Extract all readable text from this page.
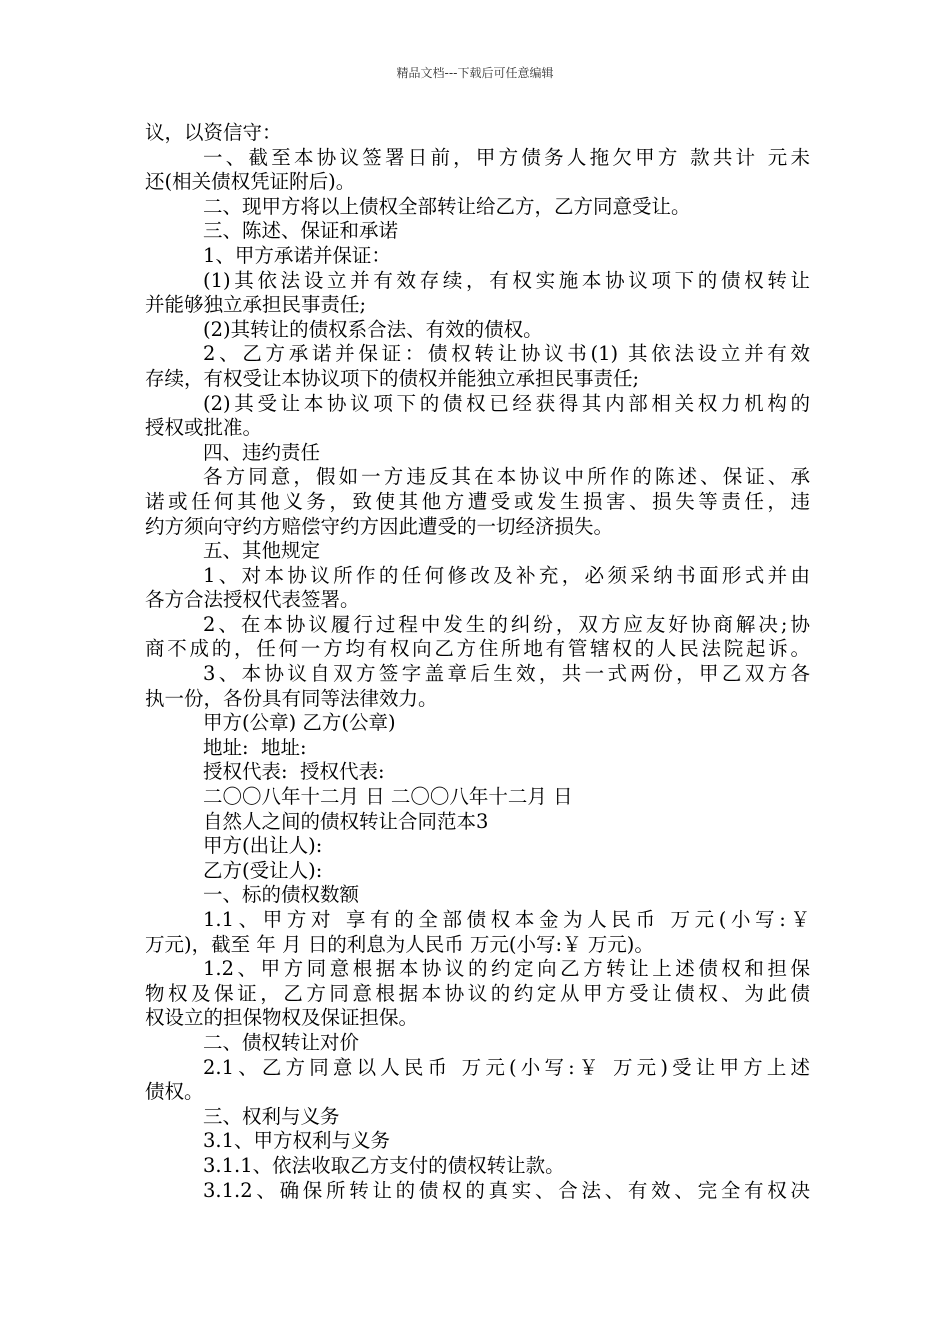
精品文档---下载后可任意编辑
议，以资信守：
一、截至本协议签署日前，甲方债务人拖欠甲方 款共计 元未
还(相关债权凭证附后)。
二、现甲方将以上债权全部转让给乙方，乙方同意受让。
三、陈述、保证和承诺
1、甲方承诺并保证：
(1)其依法设立并有效存续，有权实施本协议项下的债权转让
并能够独立承担民事责任;
(2)其转让的债权系合法、有效的债权。
2、乙方承诺并保证：债权转让协议书(1) 其依法设立并有效
存续，有权受让本协议项下的债权并能独立承担民事责任;
(2)其受让本协议项下的债权已经获得其内部相关权力机构的
授权或批准。
四、违约责任
各方同意，假如一方违反其在本协议中所作的陈述、保证、承
诺或任何其他义务，致使其他方遭受或发生损害、损失等责任，违
约方须向守约方赔偿守约方因此遭受的一切经济损失。
五、其他规定
1、对本协议所作的任何修改及补充，必须采纳书面形式并由
各方合法授权代表签署。
2、在本协议履行过程中发生的纠纷，双方应友好协商解决;协
商不成的，任何一方均有权向乙方住所地有管辖权的人民法院起诉。
3、本协议自双方签字盖章后生效，共一式两份，甲乙双方各
执一份，各份具有同等法律效力。
甲方(公章) 乙方(公章)
地址:  地址:
授权代表:  授权代表:
二〇〇八年十二月 日 二〇〇八年十二月 日
自然人之间的债权转让合同范本3
甲方(出让人):
乙方(受让人):
一、标的债权数额
1.1、甲方对 享有的全部债权本金为人民币 万元(小写:￥
万元)，截至 年 月 日的利息为人民币 万元(小写:￥ 万元)。
1.2、甲方同意根据本协议的约定向乙方转让上述债权和担保
物权及保证，乙方同意根据本协议的约定从甲方受让债权、为此债
权设立的担保物权及保证担保。
二、债权转让对价
2.1、乙方同意以人民币 万元(小写:￥ 万元)受让甲方上述
债权。
三、权利与义务
3.1、甲方权利与义务
3.1.1、依法收取乙方支付的债权转让款。
3.1.2、确保所转让的债权的真实、合法、有效、完全有权决
